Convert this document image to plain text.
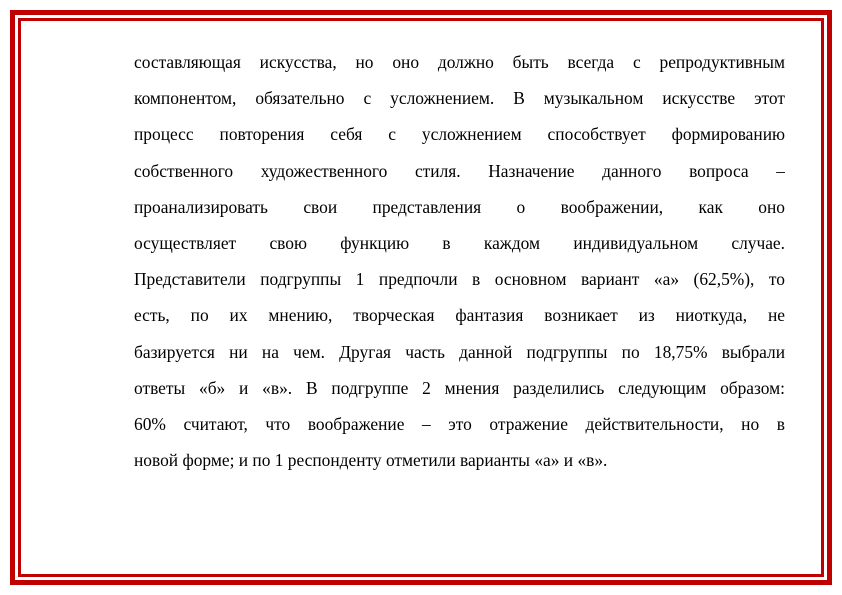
составляющая искусства, но оно должно быть всегда с репродуктивным
компонентом, обязательно с усложнением. В музыкальном искусстве этот
процесс повторения себя с усложнением способствует формированию
собственного художественного стиля. Назначение данного вопроса –
проанализировать свои представления о воображении, как оно
осуществляет свою функцию в каждом индивидуальном случае.
Представители подгруппы 1 предпочли в основном вариант «а» (62,5%), то
есть, по их мнению, творческая фантазия возникает из ниоткуда, не
базируется ни на чем. Другая часть данной подгруппы по 18,75% выбрали
ответы «б» и «в». В подгруппе 2 мнения разделились следующим образом:
60% считают, что воображение – это отражение действительности, но в
новой форме; и по 1 респонденту отметили варианты «а» и «в».
